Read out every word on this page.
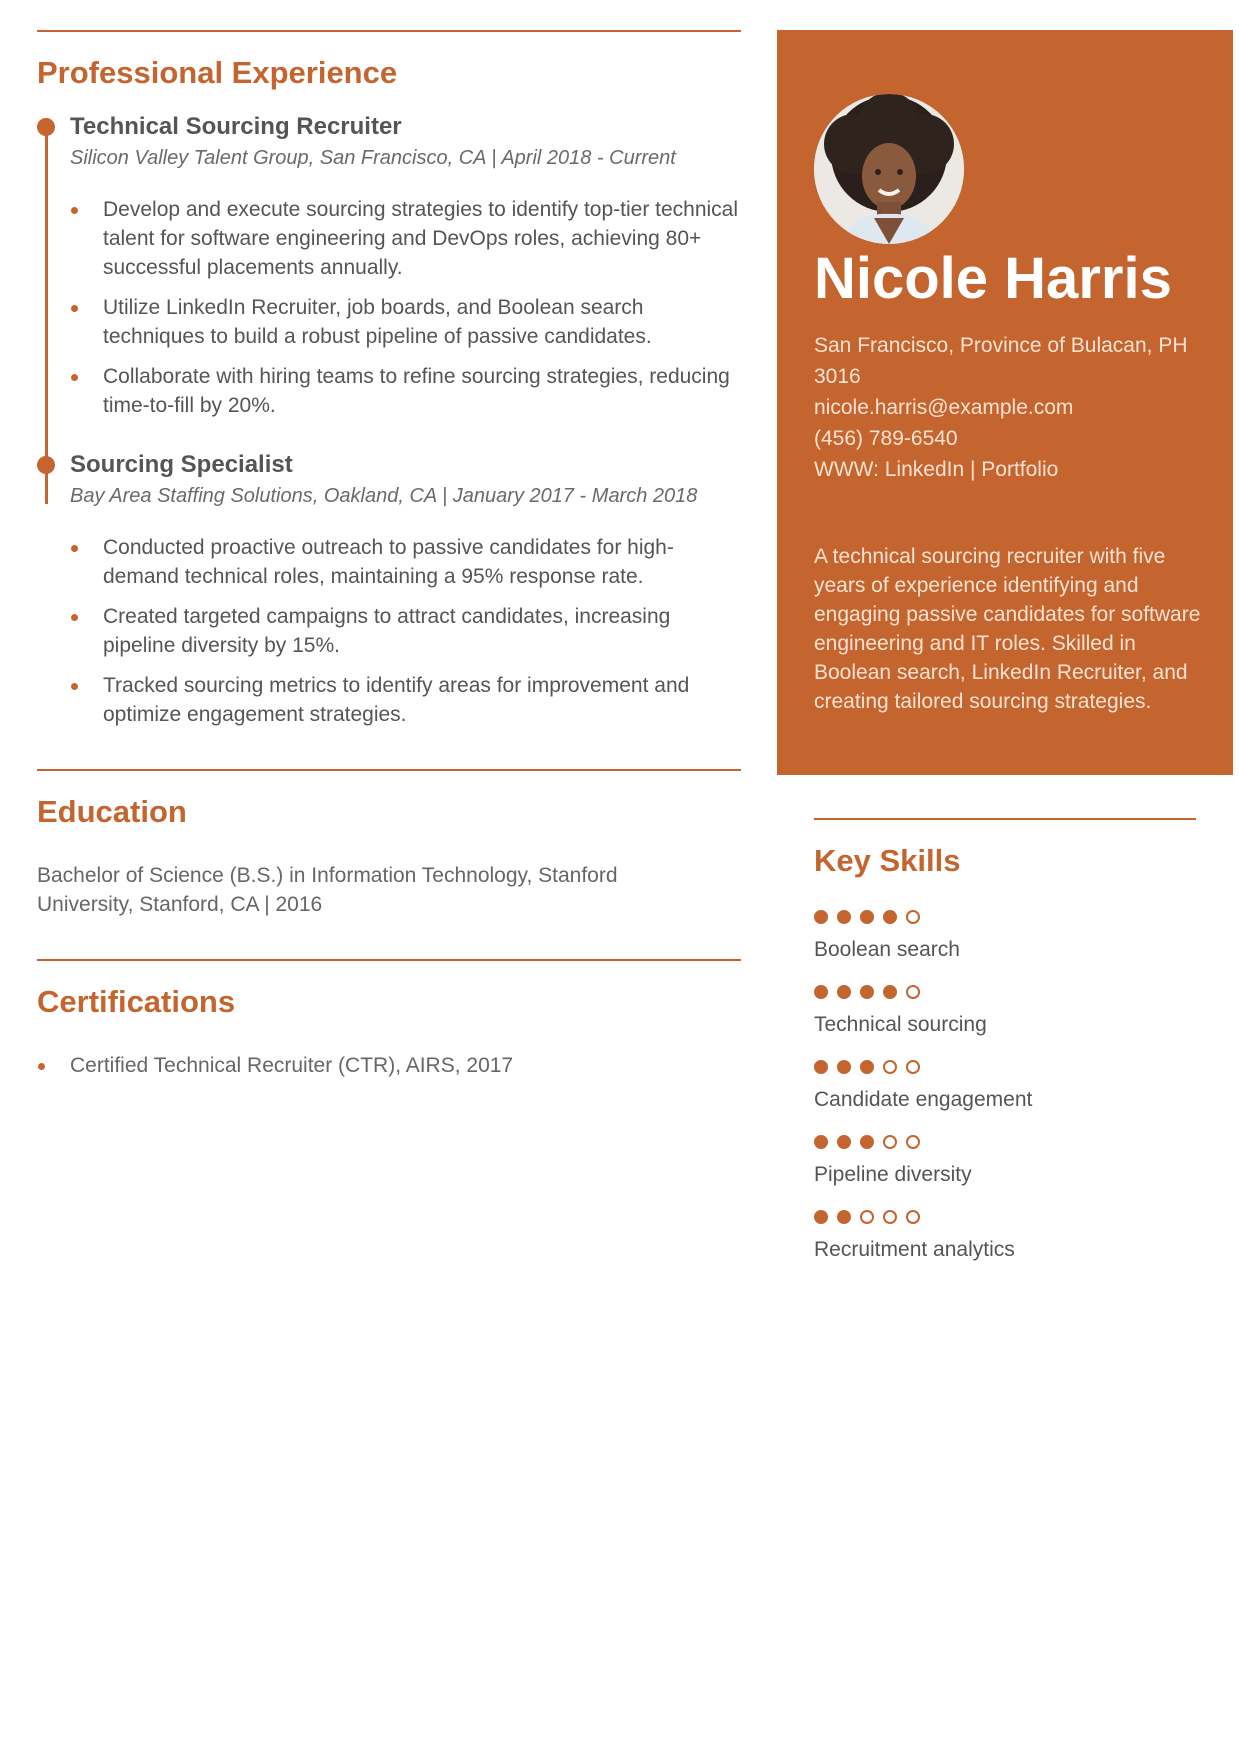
Professional Experience
Technical Sourcing Recruiter
Silicon Valley Talent Group, San Francisco, CA | April 2018 - Current
Develop and execute sourcing strategies to identify top-tier technical talent for software engineering and DevOps roles, achieving 80+ successful placements annually.
Utilize LinkedIn Recruiter, job boards, and Boolean search techniques to build a robust pipeline of passive candidates.
Collaborate with hiring teams to refine sourcing strategies, reducing time-to-fill by 20%.
Sourcing Specialist
Bay Area Staffing Solutions, Oakland, CA | January 2017 - March 2018
Conducted proactive outreach to passive candidates for high-demand technical roles, maintaining a 95% response rate.
Created targeted campaigns to attract candidates, increasing pipeline diversity by 15%.
Tracked sourcing metrics to identify areas for improvement and optimize engagement strategies.
Education
Bachelor of Science (B.S.) in Information Technology, Stanford University, Stanford, CA | 2016
Certifications
Certified Technical Recruiter (CTR), AIRS, 2017
Nicole Harris
San Francisco, Province of Bulacan, PH 3016
nicole.harris@example.com
(456) 789-6540
WWW: LinkedIn | Portfolio
A technical sourcing recruiter with five years of experience identifying and engaging passive candidates for software engineering and IT roles. Skilled in Boolean search, LinkedIn Recruiter, and creating tailored sourcing strategies.
Key Skills
Boolean search
Technical sourcing
Candidate engagement
Pipeline diversity
Recruitment analytics
